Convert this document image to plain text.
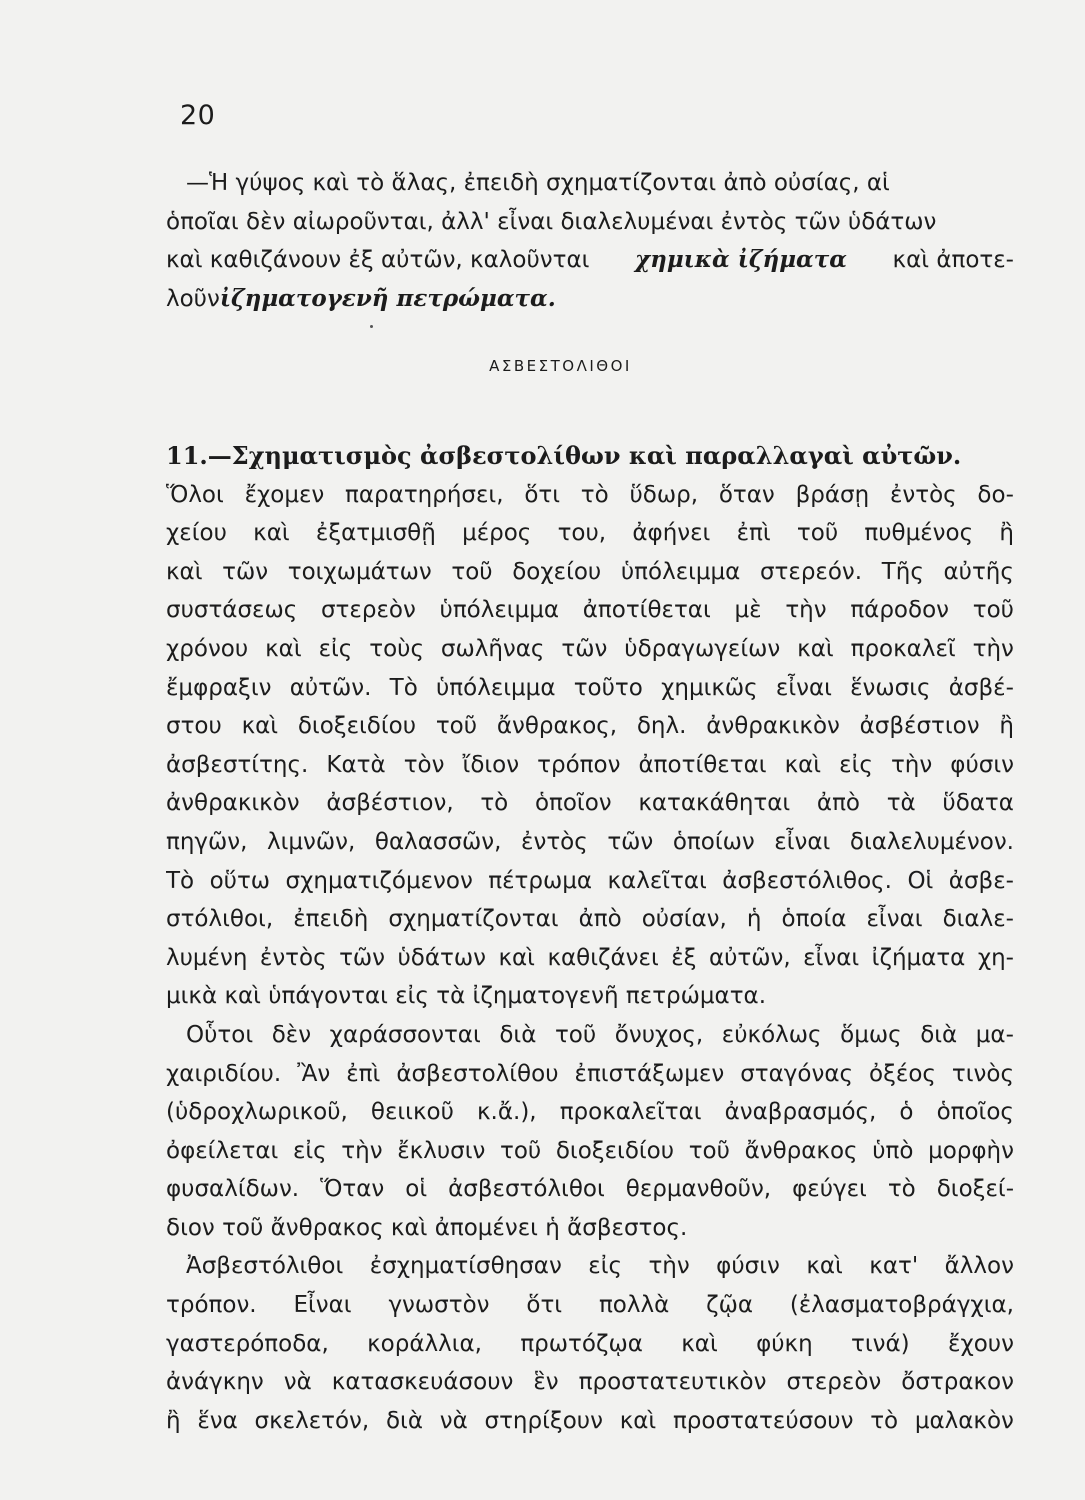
20
—Ἡ γύψος καὶ τὸ ἅλας, ἐπειδὴ σχηματίζονται ἀπὸ οὐσίας, αἱ
ὁποῖαι δὲν αἰωροῦνται, ἀλλ' εἶναι διαλελυμέναι ἐντὸς τῶν ὑδάτων
καὶ καθιζάνουν ἐξ αὐτῶν, καλοῦνται χημικὰ ἰζήματα καὶ ἀποτε-
λοῦν ἰζηματογενῆ πετρώματα.
ΑΣΒΕΣΤΟΛΙΘΟΙ
11.—Σχηματισμὸς ἀσβεστολίθων καὶ παραλλαγαὶ αὐτῶν.
Ὅλοι ἔχομεν παρατηρήσει, ὅτι τὸ ὕδωρ, ὅταν βράσῃ ἐντὸς δο-
χείου καὶ ἐξατμισθῇ μέρος του, ἀφήνει ἐπὶ τοῦ πυθμένος ἢ
καὶ τῶν τοιχωμάτων τοῦ δοχείου ὑπόλειμμα στερεόν. Τῆς αὐτῆς
συστάσεως στερεὸν ὑπόλειμμα ἀποτίθεται μὲ τὴν πάροδον τοῦ
χρόνου καὶ εἰς τοὺς σωλῆνας τῶν ὑδραγωγείων καὶ προκαλεῖ τὴν
ἔμφραξιν αὐτῶν. Τὸ ὑπόλειμμα τοῦτο χημικῶς εἶναι ἕνωσις ἀσβέ-
στου καὶ διοξειδίου τοῦ ἄνθρακος, δηλ. ἀνθρακικὸν ἀσβέστιον ἢ
ἀσβεστίτης. Κατὰ τὸν ἴδιον τρόπον ἀποτίθεται καὶ εἰς τὴν φύσιν
ἀνθρακικὸν ἀσβέστιον, τὸ ὁποῖον κατακάθηται ἀπὸ τὰ ὕδατα
πηγῶν, λιμνῶν, θαλασσῶν, ἐντὸς τῶν ὁποίων εἶναι διαλελυμένον.
Τὸ οὕτω σχηματιζόμενον πέτρωμα καλεῖται ἀσβεστόλιθος. Οἱ ἀσβε-
στόλιθοι, ἐπειδὴ σχηματίζονται ἀπὸ οὐσίαν, ἡ ὁποία εἶναι διαλε-
λυμένη ἐντὸς τῶν ὑδάτων καὶ καθιζάνει ἐξ αὐτῶν, εἶναι ἰζήματα χη-
μικὰ καὶ ὑπάγονται εἰς τὰ ἰζηματογενῆ πετρώματα.
Οὗτοι δὲν χαράσσονται διὰ τοῦ ὄνυχος, εὐκόλως ὅμως διὰ μα-
χαιριδίου. Ἂν ἐπὶ ἀσβεστολίθου ἐπιστάξωμεν σταγόνας ὀξέος τινὸς
(ὑδροχλωρικοῦ, θειικοῦ κ.ἄ.), προκαλεῖται ἀναβρασμός, ὁ ὁποῖος
ὀφείλεται εἰς τὴν ἔκλυσιν τοῦ διοξειδίου τοῦ ἄνθρακος ὑπὸ μορφὴν
φυσαλίδων. Ὅταν οἱ ἀσβεστόλιθοι θερμανθοῦν, φεύγει τὸ διοξεί-
διον τοῦ ἄνθρακος καὶ ἀπομένει ἡ ἄσβεστος.
Ἀσβεστόλιθοι ἐσχηματίσθησαν εἰς τὴν φύσιν καὶ κατ' ἄλλον
τρόπον. Εἶναι γνωστὸν ὅτι πολλὰ ζῷα (ἐλασματοβράγχια,
γαστερόποδα, κοράλλια, πρωτόζῳα καὶ φύκη τινά) ἔχουν
ἀνάγκην νὰ κατασκευάσουν ἓν προστατευτικὸν στερεὸν ὄστρακον
ἢ ἕνα σκελετόν, διὰ νὰ στηρίξουν καὶ προστατεύσουν τὸ μαλακὸν
